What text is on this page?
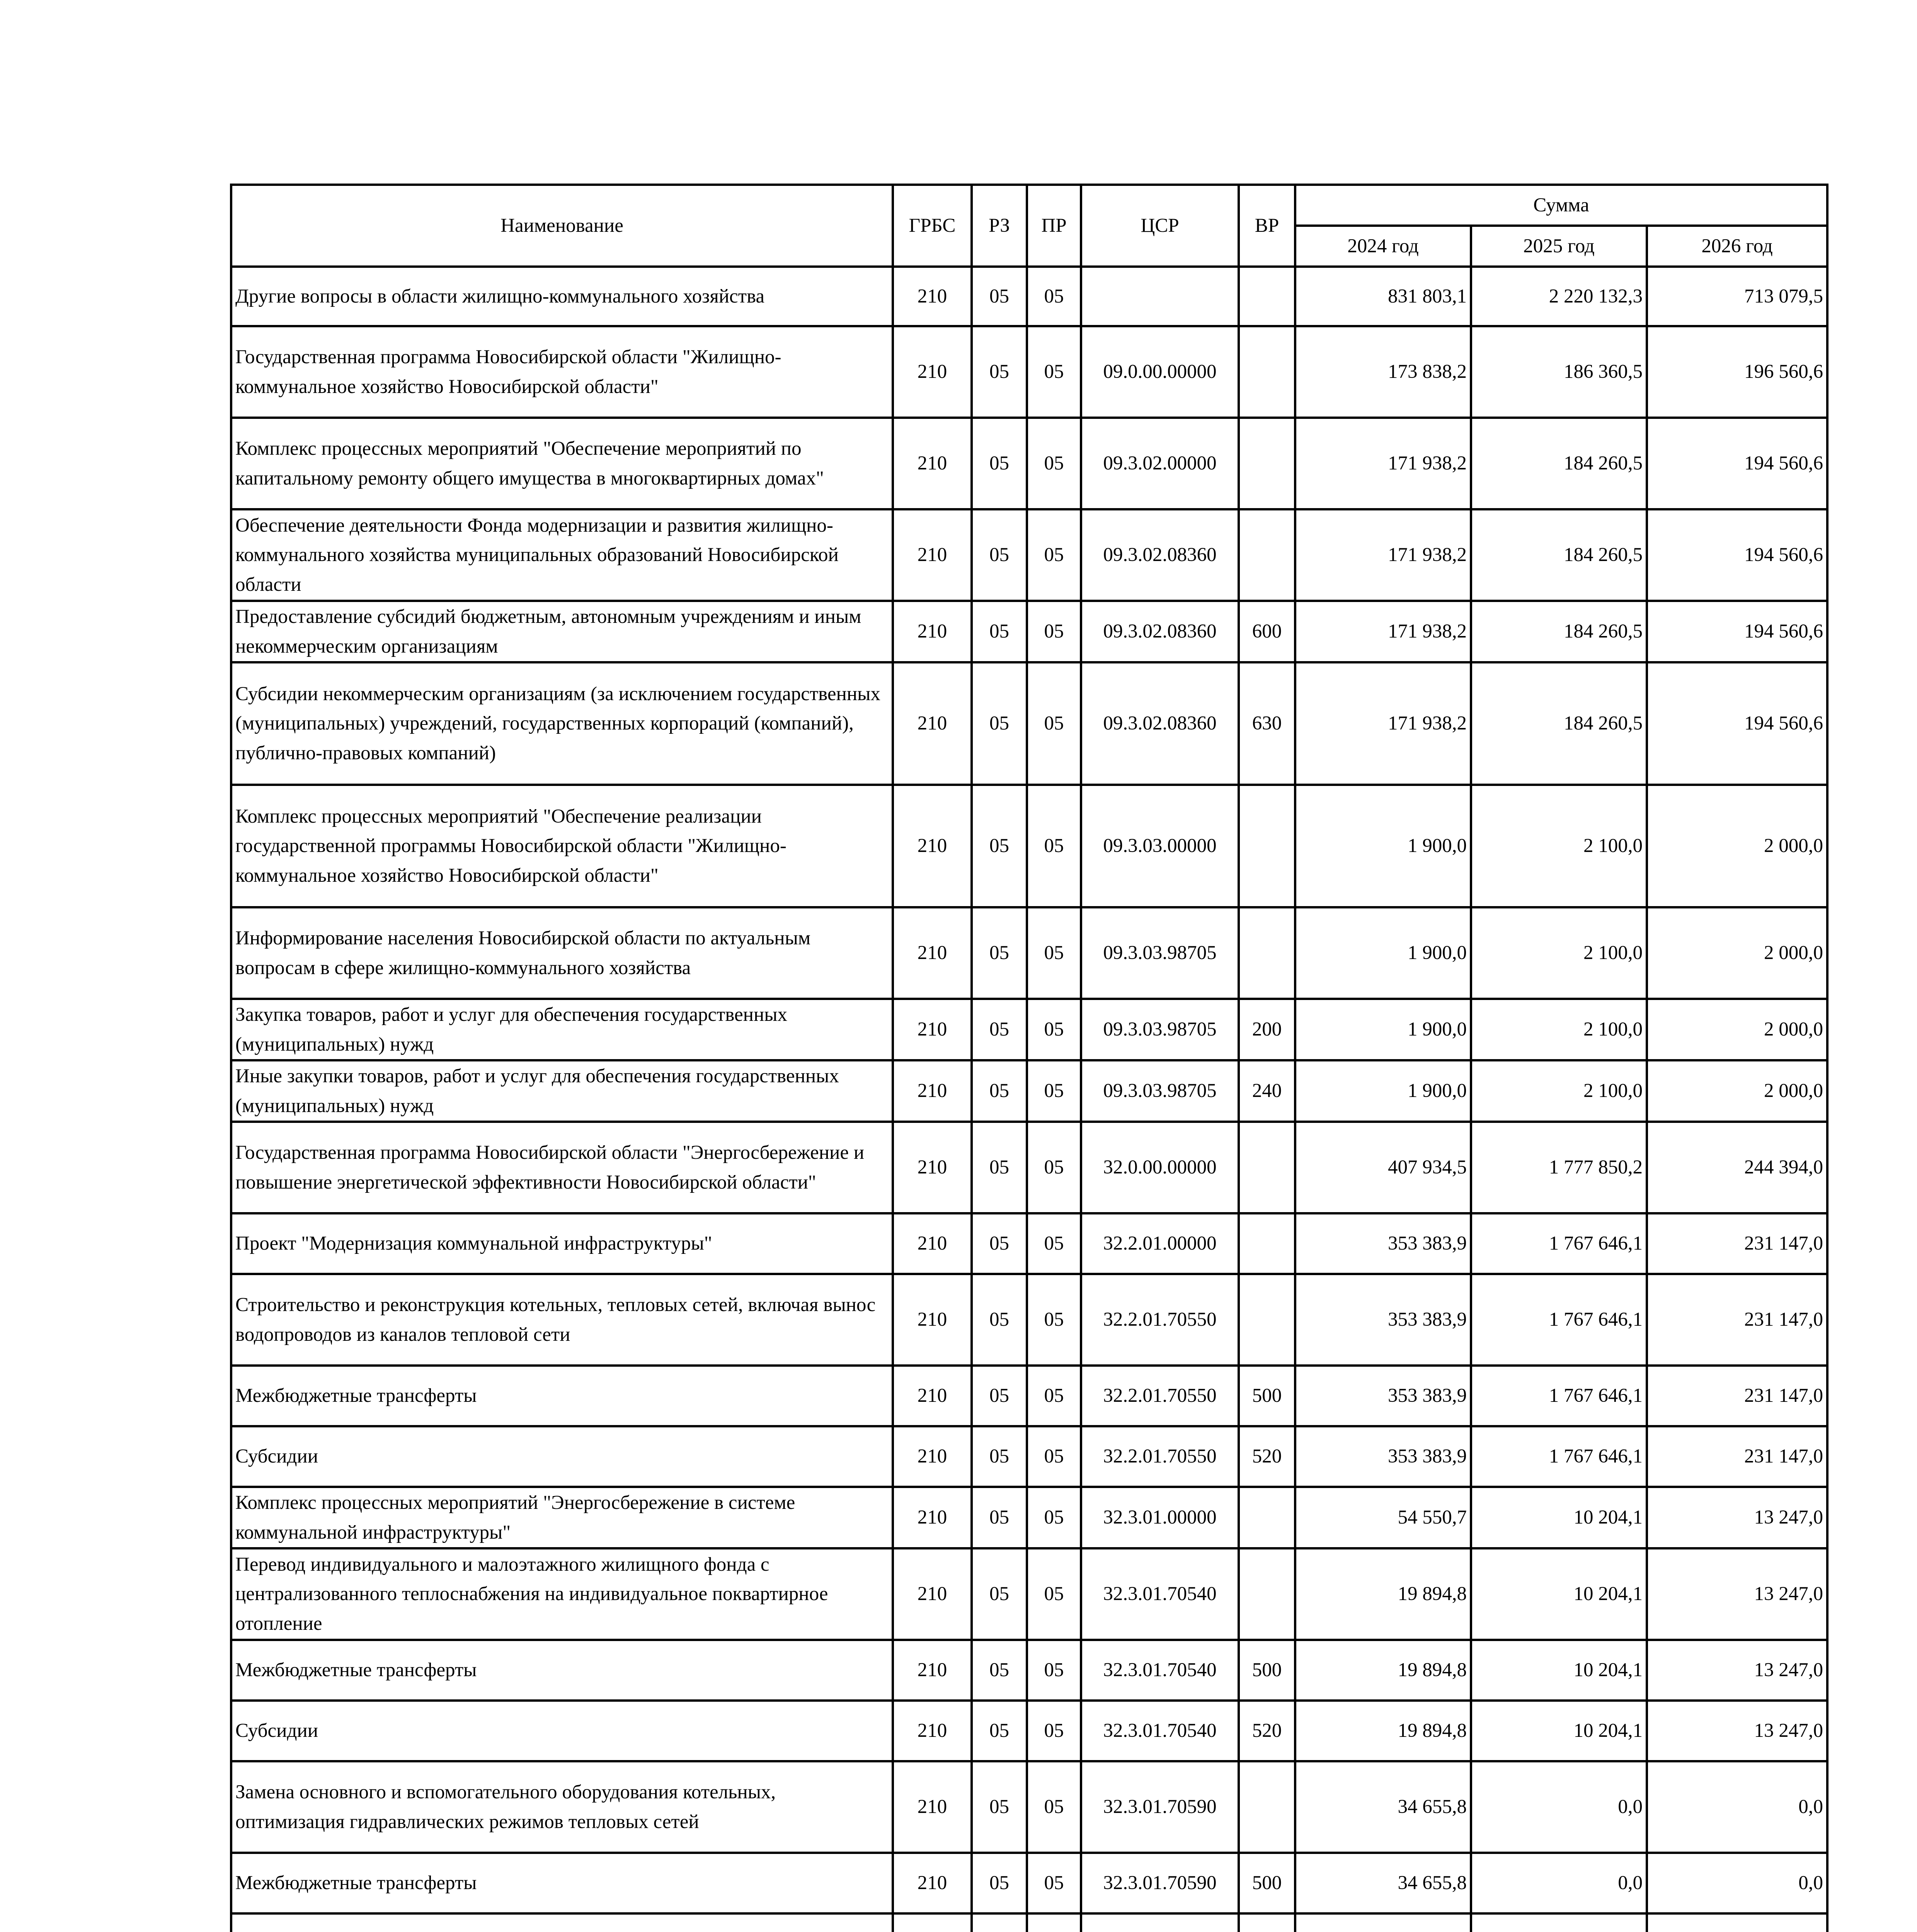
Наименование	ГРБС	РЗ	ПР	ЦСР	ВР	Сумма		
						2024 год	2025 год	2026 год
Другие вопросы в области жилищно-коммунального хозяйства	210	05	05			831 803,1	2 220 132,3	713 079,5
Государственная программа Новосибирской области "Жилищно-коммунальное хозяйство Новосибирской области"	210	05	05	09.0.00.00000		173 838,2	186 360,5	196 560,6
Комплекс процессных мероприятий "Обеспечение мероприятий по капитальному ремонту общего имущества в многоквартирных домах"	210	05	05	09.3.02.00000		171 938,2	184 260,5	194 560,6
Обеспечение деятельности Фонда модернизации и развития жилищно-коммунального хозяйства муниципальных образований Новосибирской области	210	05	05	09.3.02.08360		171 938,2	184 260,5	194 560,6
Предоставление субсидий бюджетным, автономным учреждениям и иным некоммерческим организациям	210	05	05	09.3.02.08360	600	171 938,2	184 260,5	194 560,6
Субсидии некоммерческим организациям (за исключением государственных (муниципальных) учреждений, государственных корпораций (компаний), публично-правовых компаний)	210	05	05	09.3.02.08360	630	171 938,2	184 260,5	194 560,6
Комплекс процессных мероприятий "Обеспечение реализации государственной программы Новосибирской области "Жилищно-коммунальное хозяйство Новосибирской области"	210	05	05	09.3.03.00000		1 900,0	2 100,0	2 000,0
Информирование населения Новосибирской области по актуальным вопросам в сфере жилищно-коммунального хозяйства	210	05	05	09.3.03.98705		1 900,0	2 100,0	2 000,0
Закупка товаров, работ и услуг для обеспечения государственных (муниципальных) нужд	210	05	05	09.3.03.98705	200	1 900,0	2 100,0	2 000,0
Иные закупки товаров, работ и услуг для обеспечения государственных (муниципальных) нужд	210	05	05	09.3.03.98705	240	1 900,0	2 100,0	2 000,0
Государственная программа Новосибирской области "Энергосбережение и повышение энергетической эффективности Новосибирской области"	210	05	05	32.0.00.00000		407 934,5	1 777 850,2	244 394,0
Проект "Модернизация коммунальной инфраструктуры"	210	05	05	32.2.01.00000		353 383,9	1 767 646,1	231 147,0
Строительство и реконструкция котельных, тепловых сетей, включая вынос водопроводов из каналов тепловой сети	210	05	05	32.2.01.70550		353 383,9	1 767 646,1	231 147,0
Межбюджетные трансферты	210	05	05	32.2.01.70550	500	353 383,9	1 767 646,1	231 147,0
Субсидии	210	05	05	32.2.01.70550	520	353 383,9	1 767 646,1	231 147,0
Комплекс процессных мероприятий "Энергосбережение в системе коммунальной инфраструктуры"	210	05	05	32.3.01.00000		54 550,7	10 204,1	13 247,0
Перевод индивидуального и малоэтажного жилищного фонда с централизованного теплоснабжения на индивидуальное поквартирное отопление	210	05	05	32.3.01.70540		19 894,8	10 204,1	13 247,0
Межбюджетные трансферты	210	05	05	32.3.01.70540	500	19 894,8	10 204,1	13 247,0
Субсидии	210	05	05	32.3.01.70540	520	19 894,8	10 204,1	13 247,0
Замена основного и вспомогательного оборудования котельных, оптимизация гидравлических режимов тепловых сетей	210	05	05	32.3.01.70590		34 655,8	0,0	0,0
Межбюджетные трансферты	210	05	05	32.3.01.70590	500	34 655,8	0,0	0,0
